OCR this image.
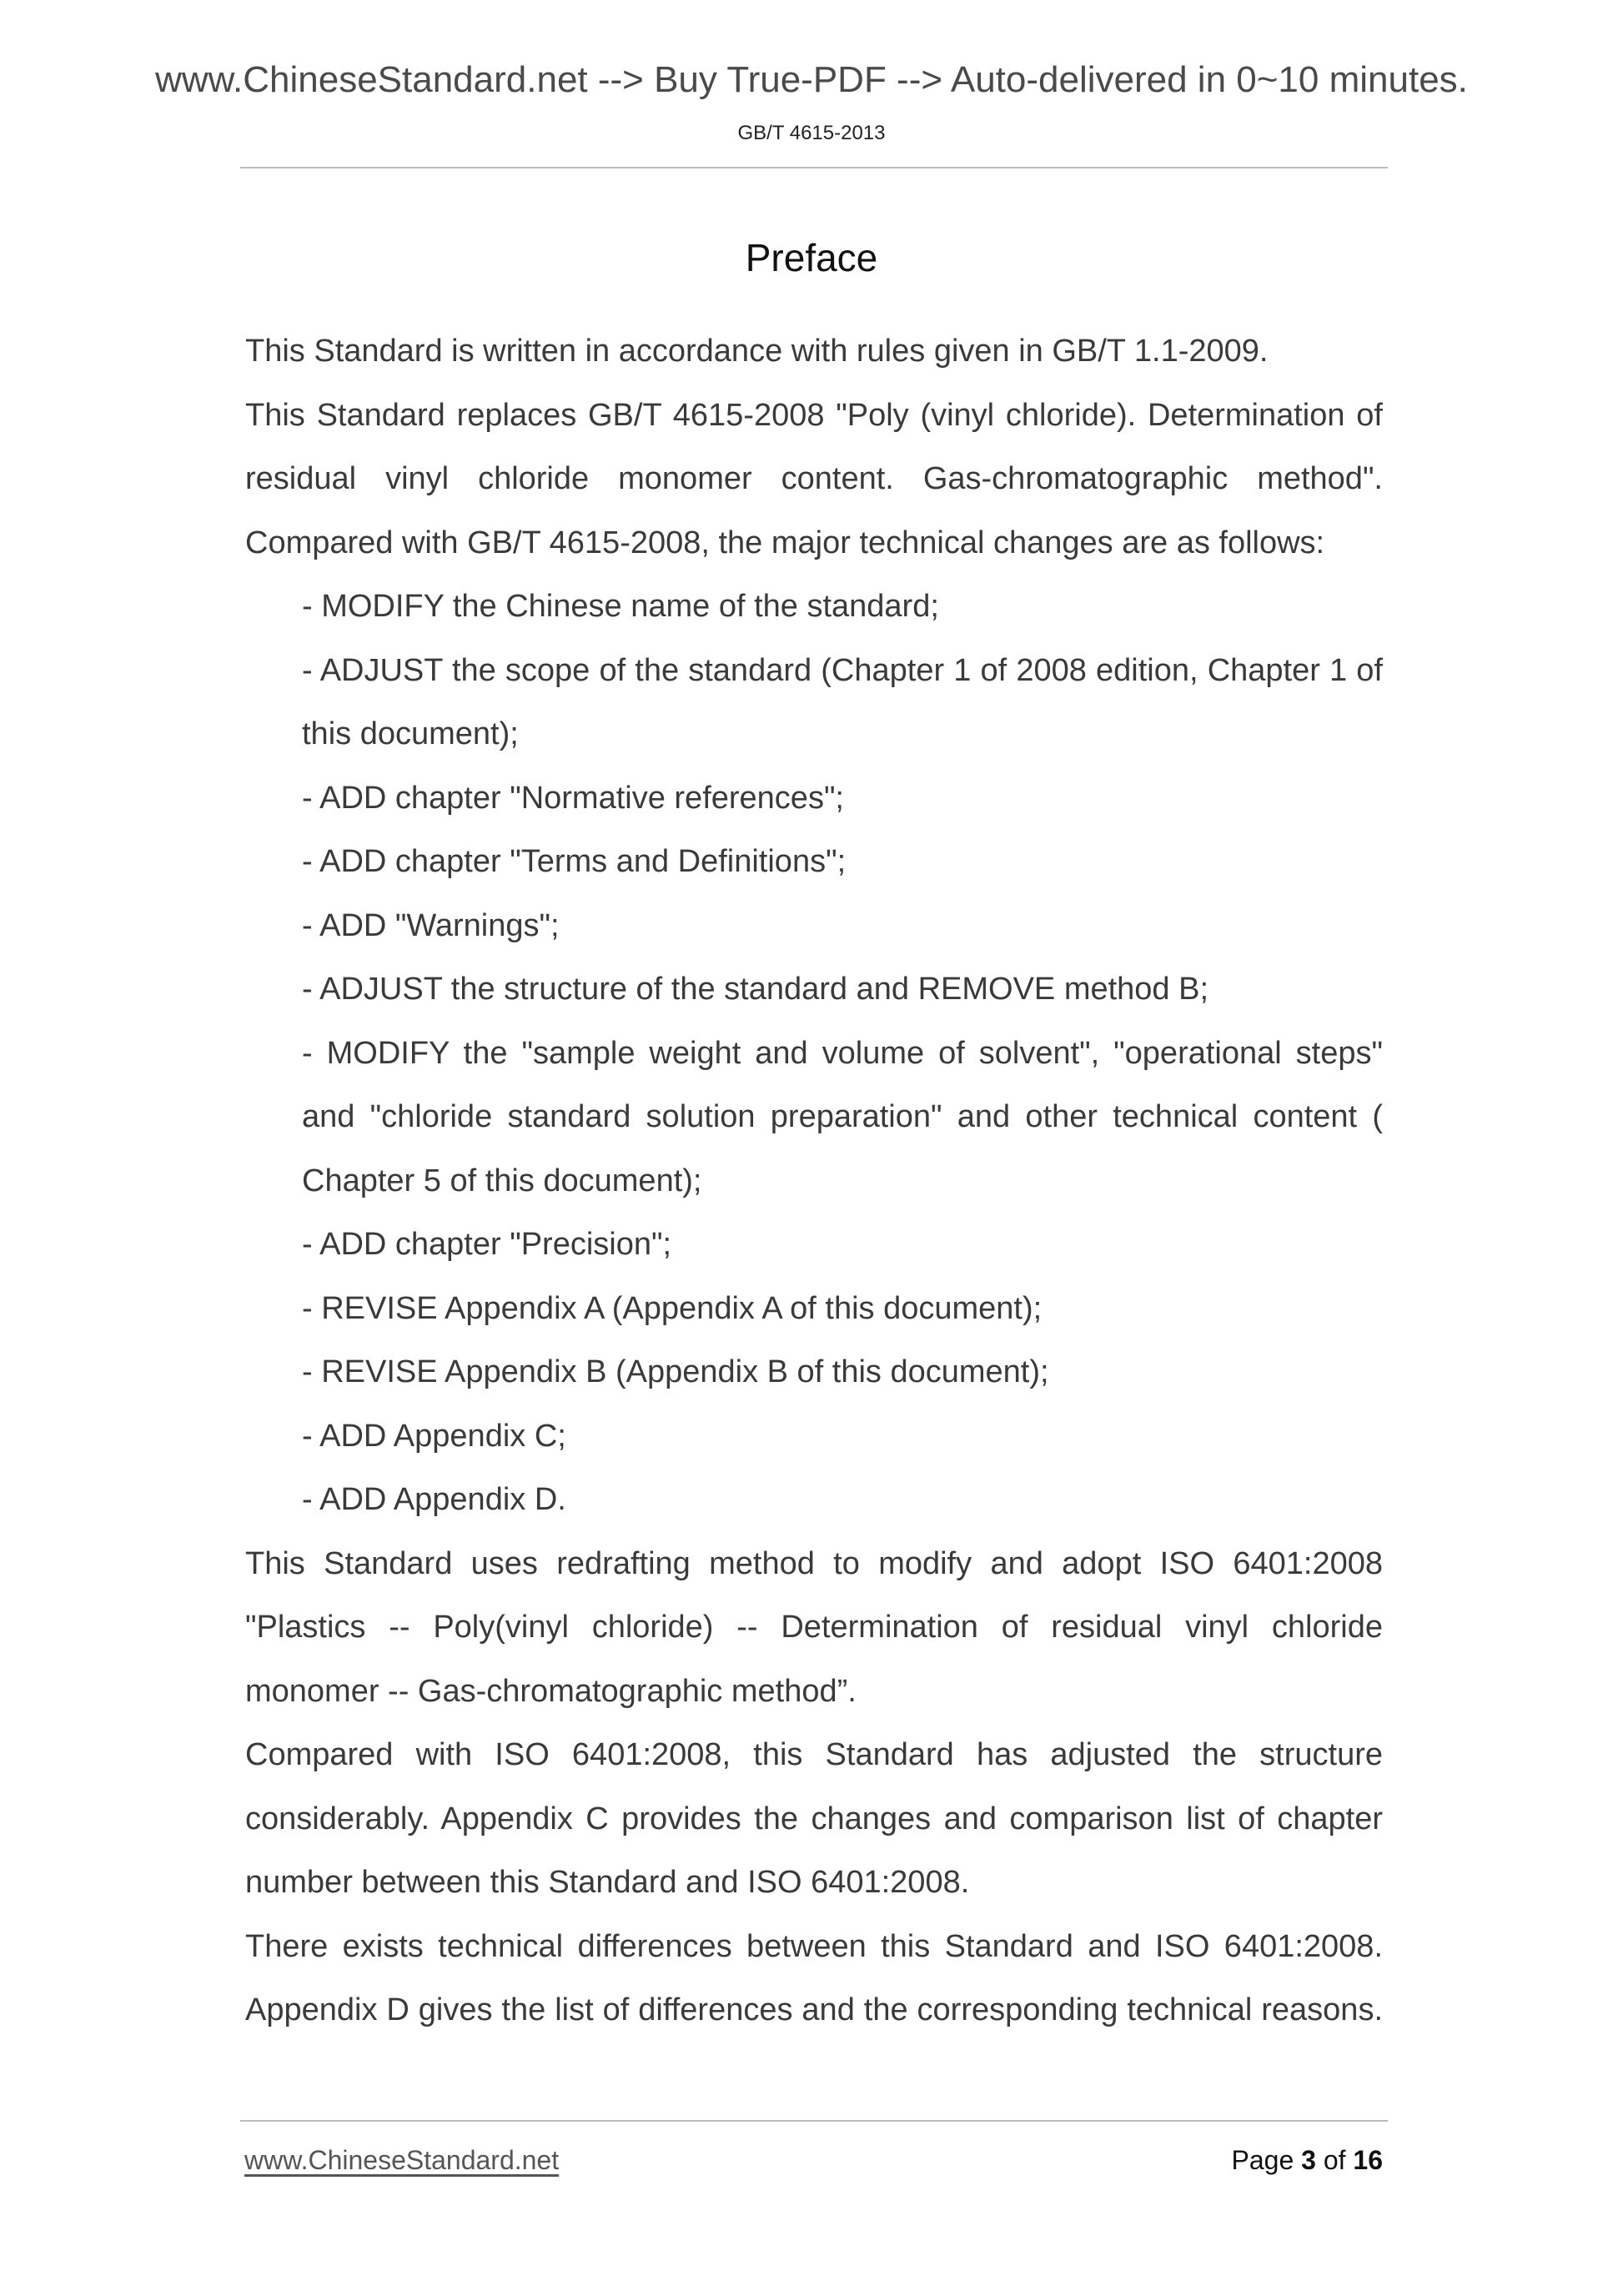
www.ChineseStandard.net --> Buy True-PDF --> Auto-delivered in 0~10 minutes.
GB/T 4615-2013
Preface

This Standard is written in accordance with rules given in GB/T 1.1-2009.

This Standard replaces GB/T 4615-2008 "Poly (vinyl chloride). Determination of residual vinyl chloride monomer content. Gas-chromatographic method". Compared with GB/T 4615-2008, the major technical changes are as follows:

- MODIFY the Chinese name of the standard;

- ADJUST the scope of the standard (Chapter 1 of 2008 edition, Chapter 1 of this document);

- ADD chapter "Normative references";

- ADD chapter "Terms and Definitions";

- ADD "Warnings";

- ADJUST the structure of the standard and REMOVE method B;

- MODIFY the "sample weight and volume of solvent", "operational steps" and "chloride standard solution preparation" and other technical content ( Chapter 5 of this document);

- ADD chapter "Precision";

- REVISE Appendix A (Appendix A of this document);

- REVISE Appendix B (Appendix B of this document);

- ADD Appendix C;

- ADD Appendix D.

This Standard uses redrafting method to modify and adopt ISO 6401:2008 "Plastics -- Poly(vinyl chloride) -- Determination of residual vinyl chloride monomer -- Gas-chromatographic method”.

Compared with ISO 6401:2008, this Standard has adjusted the structure considerably. Appendix C provides the changes and comparison list of chapter number between this Standard and ISO 6401:2008.

There exists technical differences between this Standard and ISO 6401:2008. Appendix D gives the list of differences and the corresponding technical reasons.

www.ChineseStandard.net	Page 3 of 16
